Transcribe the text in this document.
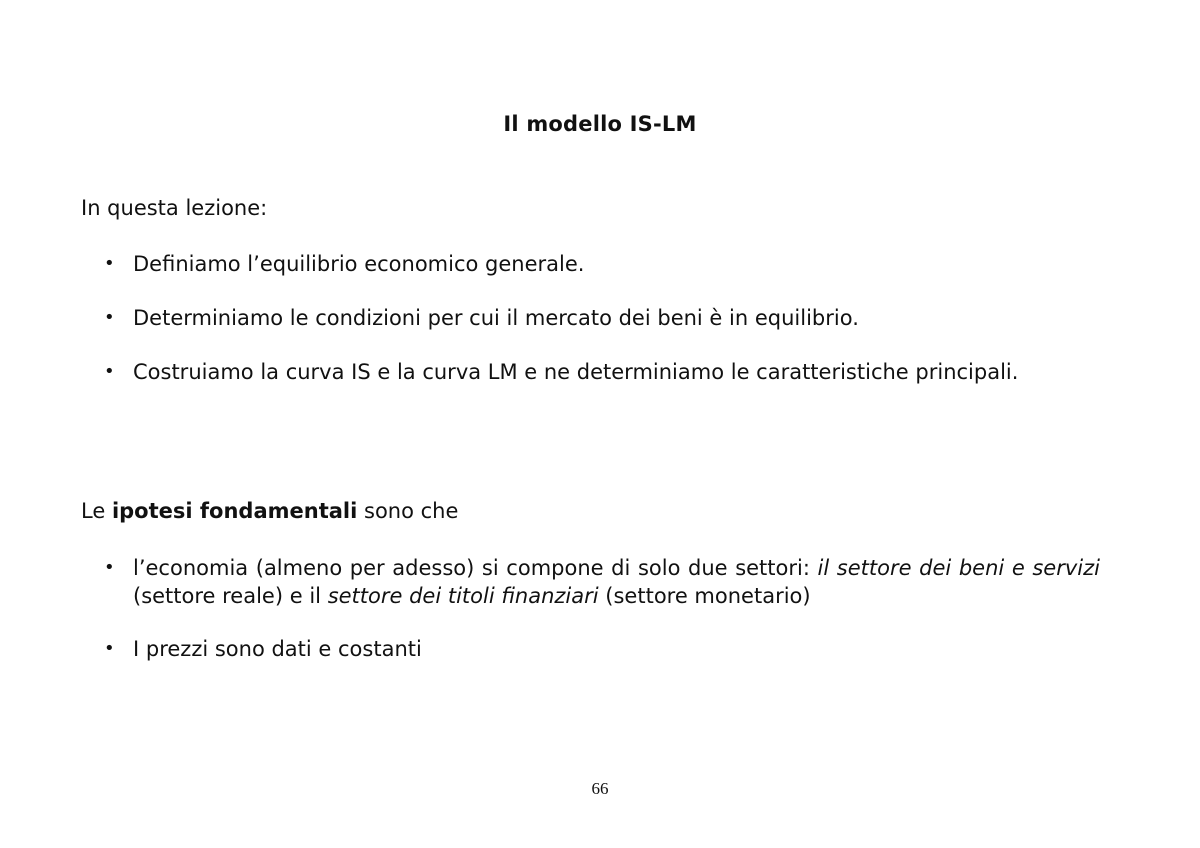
Il modello IS-LM
In questa lezione:
• Definiamo l’equilibrio economico generale.
• Determiniamo le condizioni per cui il mercato dei beni è in equilibrio.
• Costruiamo la curva IS e la curva LM e ne determiniamo le caratteristiche principali.
Le ipotesi fondamentali sono che
• l’economia (almeno per adesso) si compone di solo due settori: il settore dei beni e servizi (settore reale) e il settore dei titoli finanziari (settore monetario)
• I prezzi sono dati e costanti
66
